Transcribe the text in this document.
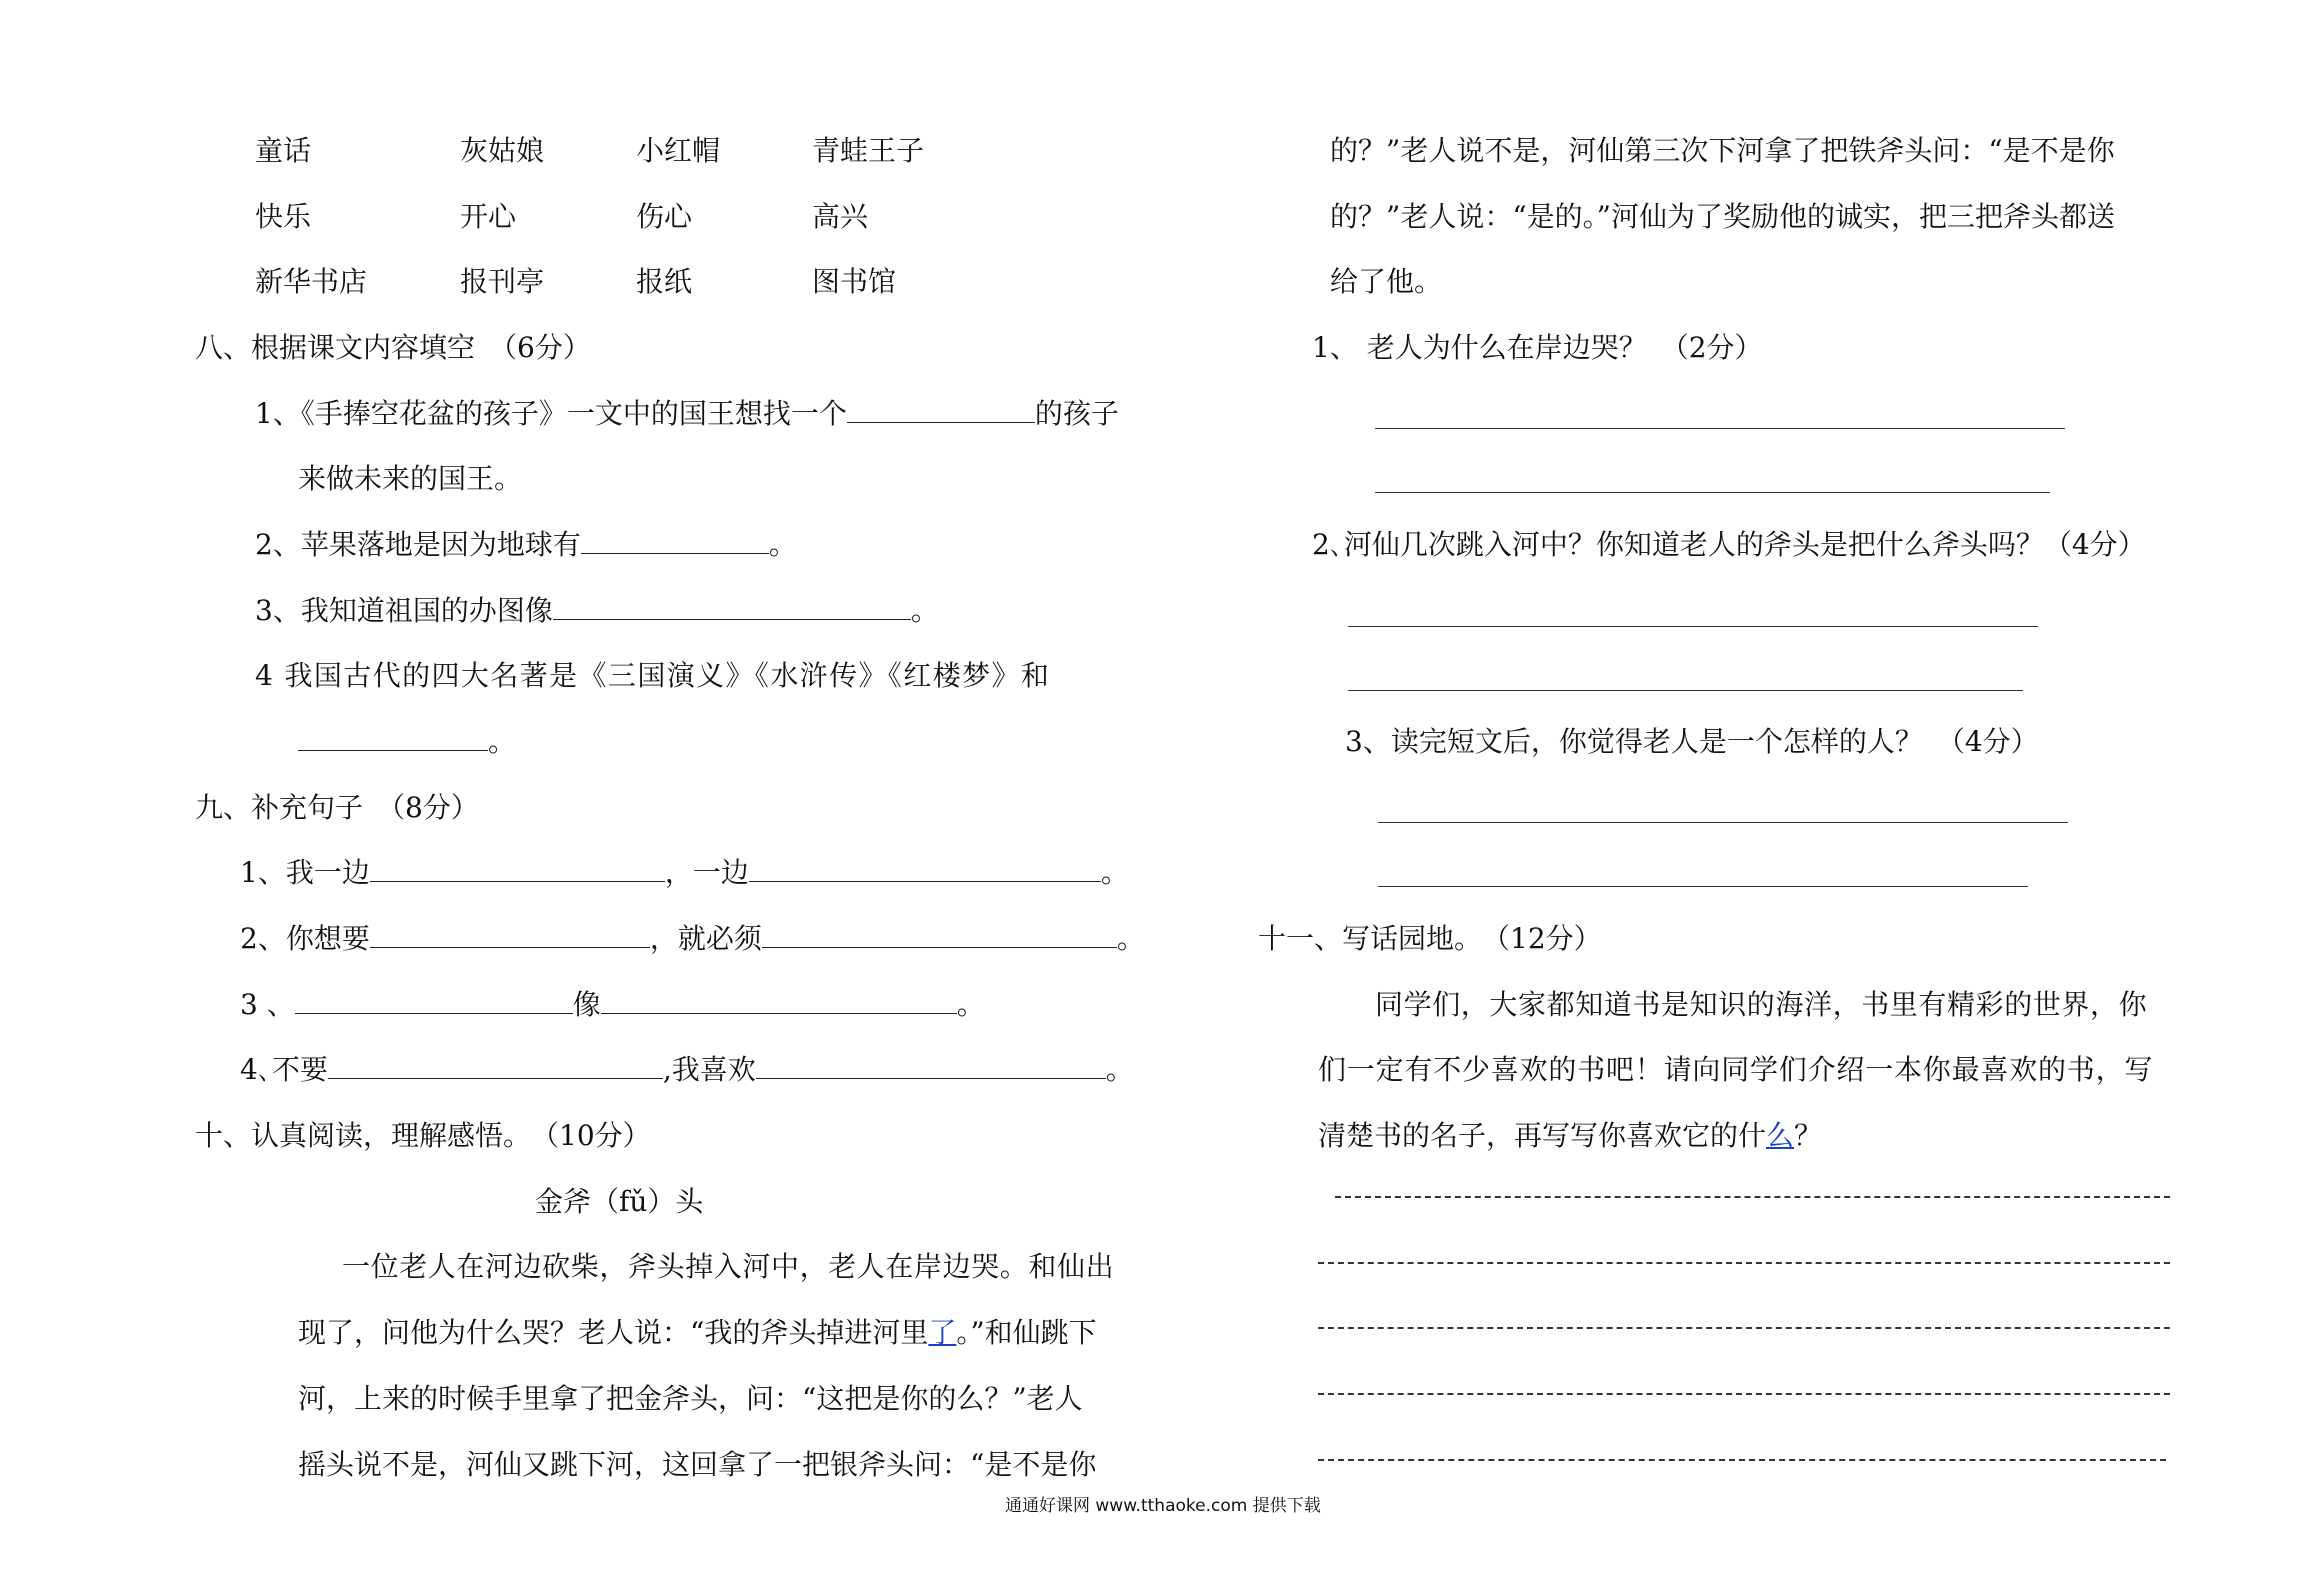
童话	灰姑娘	小红帽	青蛙王子
快乐	开心	伤心	高兴
新华书店	报刊亭	报纸	图书馆
八、根据课文内容填空　（6分）
1、《手捧空花盆的孩子》一文中的国王想找一个	的孩子
来做未来的国王。
2、苹果落地是因为地球有	。
3、我知道祖国的办图像	。
4 我国古代的四大名著是《三国演义》《水浒传》《红楼梦》和
。
九、补充句子　（8分）
1、我一边	，一边	。
2、你想要	，就必须	。
3 、	像	。
4､不要	,我喜欢	。
十、认真阅读，理解感悟。　（10分）
金斧（fǔ）头
一位老人在河边砍柴，斧头掉入河中，老人在岸边哭。和仙出
现了，问他为什么哭？老人说：“我的斧头掉进河里了。”和仙跳下
河，上来的时候手里拿了把金斧头，问：“这把是你的么？”老人
摇头说不是，河仙又跳下河，这回拿了一把银斧头问：“是不是你
的？”老人说不是，河仙第三次下河拿了把铁斧头问：“是不是你
的？”老人说：“是的。”河仙为了奖励他的诚实，把三把斧头都送
给了他。
1、 老人为什么在岸边哭？　（2分）
2､河仙几次跳入河中？你知道老人的斧头是把什么斧头吗？（4分）
3、读完短文后，你觉得老人是一个怎样的人？　（4分）
十一、写话园地。　（12分）
同学们，大家都知道书是知识的海洋，书里有精彩的世界，你
们一定有不少喜欢的书吧！请向同学们介绍一本你最喜欢的书，写
清楚书的名子，再写写你喜欢它的什么？
通通好课网 www.tthaoke.com 提供下载
